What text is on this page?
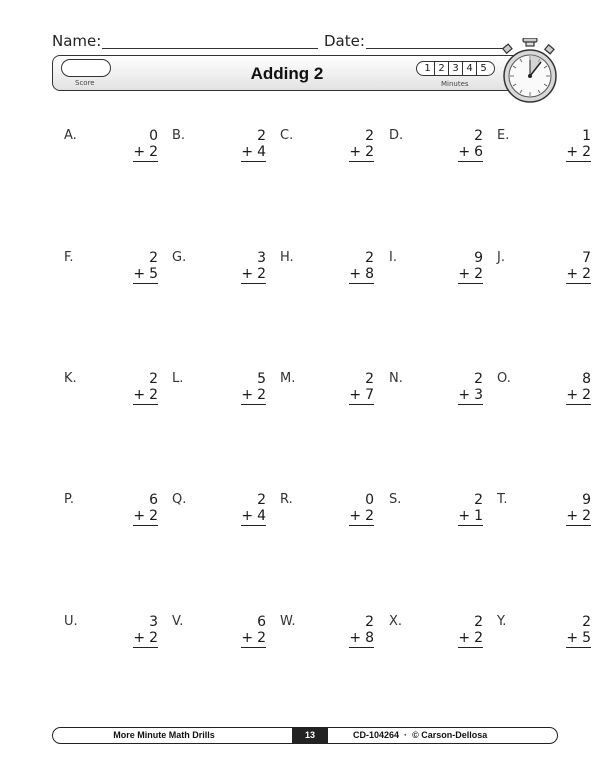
Name:	Date:
Score	Adding 2	1 2 3 4 5
Minutes
A.	0
+ 2
B.	2
+ 4
C.	2
+ 2
D.	2
+ 6
E.	1
+ 2
F.	2
+ 5
G.	3
+ 2
H.	2
+ 8
I.	9
+ 2
J.	7
+ 2
K.	2
+ 2
L.	5
+ 2
M.	2
+ 7
N.	2
+ 3
O.	8
+ 2
P.	6
+ 2
Q.	2
+ 4
R.	0
+ 2
S.	2
+ 1
T.	9
+ 2
U.	3
+ 2
V.	6
+ 2
W.	2
+ 8
X.	2
+ 2
Y.	2
+ 5
More Minute Math Drills	13	CD-104264 · © Carson-Dellosa
